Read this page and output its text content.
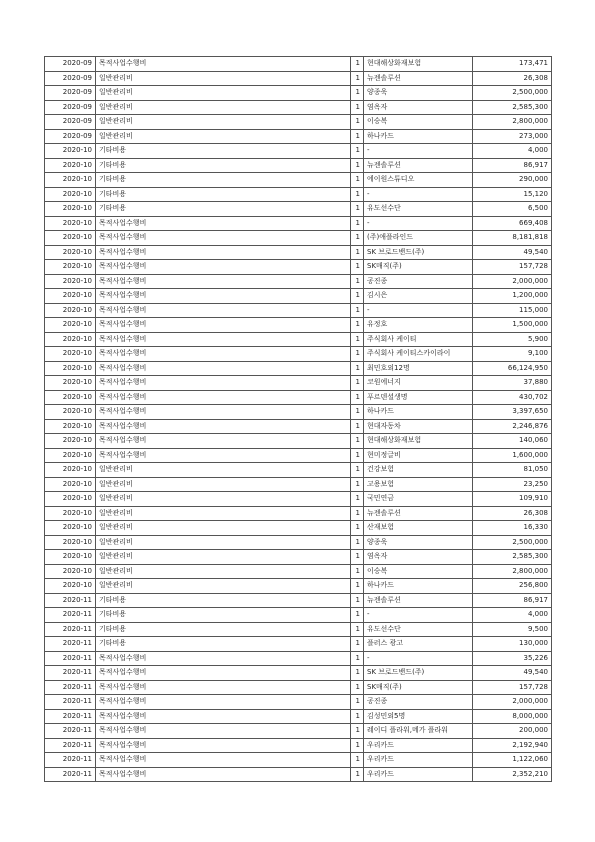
2020-09	목적사업수행비	1	현대해상화재보험	173,471
2020-09	일반관리비	1	뉴젠솔루션	26,308
2020-09	일반관리비	1	양종욱	2,500,000
2020-09	일반관리비	1	염옥자	2,585,300
2020-09	일반관리비	1	이승복	2,800,000
2020-09	일반관리비	1	하나카드	273,000
2020-10	기타비용	1	-	4,000
2020-10	기타비용	1	뉴젠솔루션	86,917
2020-10	기타비용	1	에이원스튜디오	290,000
2020-10	기타비용	1	-	15,120
2020-10	기타비용	1	유도선수단	6,500
2020-10	목적사업수행비	1	-	669,408
2020-10	목적사업수행비	1	(주)애플라인드	8,181,818
2020-10	목적사업수행비	1	SK 브로드밴드(주)	49,540
2020-10	목적사업수행비	1	SK매직(주)	157,728
2020-10	목적사업수행비	1	공진종	2,000,000
2020-10	목적사업수행비	1	김시은	1,200,000
2020-10	목적사업수행비	1	-	115,000
2020-10	목적사업수행비	1	유정호	1,500,000
2020-10	목적사업수행비	1	주식회사 케이티	5,900
2020-10	목적사업수행비	1	주식회사 케이티스카이라이	9,100
2020-10	목적사업수행비	1	최민호외12명	66,124,950
2020-10	목적사업수행비	1	코원에너지	37,880
2020-10	목적사업수행비	1	푸르덴셜생명	430,702
2020-10	목적사업수행비	1	하나카드	3,397,650
2020-10	목적사업수행비	1	현대자동차	2,246,876
2020-10	목적사업수행비	1	현대해상화재보험	140,060
2020-10	목적사업수행비	1	현미정글비	1,600,000
2020-10	일반관리비	1	건강보험	81,050
2020-10	일반관리비	1	고용보험	23,250
2020-10	일반관리비	1	국민연금	109,910
2020-10	일반관리비	1	뉴젠솔루션	26,308
2020-10	일반관리비	1	산재보험	16,330
2020-10	일반관리비	1	양종욱	2,500,000
2020-10	일반관리비	1	염옥자	2,585,300
2020-10	일반관리비	1	이승복	2,800,000
2020-10	일반관리비	1	하나카드	256,800
2020-11	기타비용	1	뉴젠솔루션	86,917
2020-11	기타비용	1	-	4,000
2020-11	기타비용	1	유도선수단	9,500
2020-11	기타비용	1	플러스 광고	130,000
2020-11	목적사업수행비	1	-	35,226
2020-11	목적사업수행비	1	SK 브로드밴드(주)	49,540
2020-11	목적사업수행비	1	SK매직(주)	157,728
2020-11	목적사업수행비	1	공진종	2,000,000
2020-11	목적사업수행비	1	김성민외5명	8,000,000
2020-11	목적사업수행비	1	레이디 플라워,메가 플라워	200,000
2020-11	목적사업수행비	1	우리카드	2,192,940
2020-11	목적사업수행비	1	우리카드	1,122,060
2020-11	목적사업수행비	1	우리카드	2,352,210
